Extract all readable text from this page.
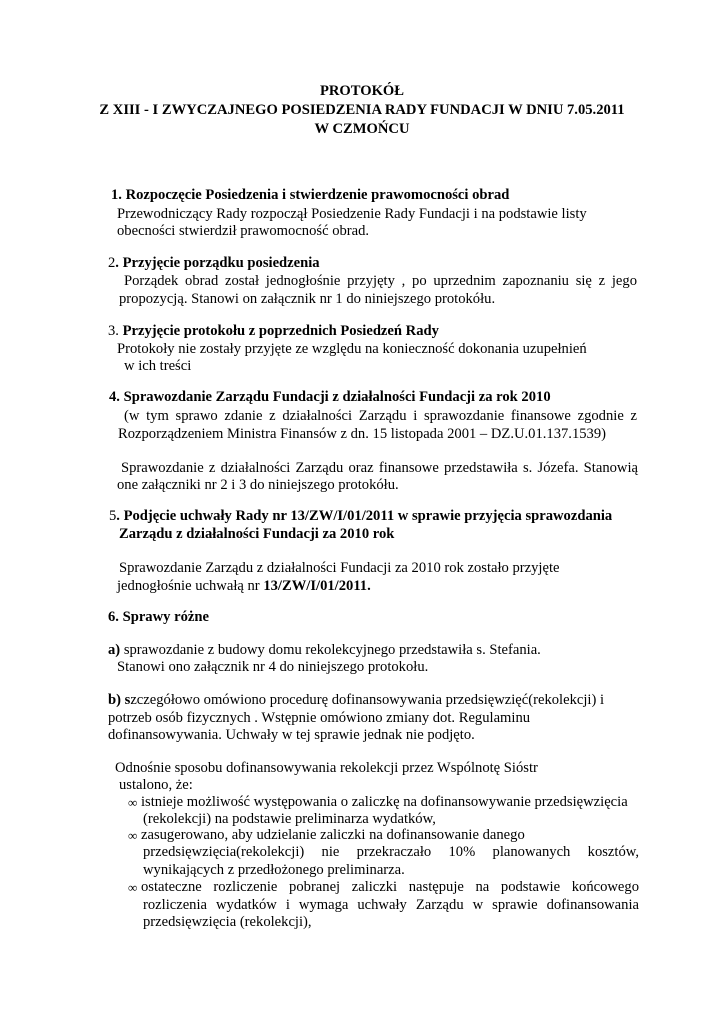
PROTOKÓŁ
Z XIII - I ZWYCZAJNEGO POSIEDZENIA RADY FUNDACJI W DNIU 7.05.2011
W CZMOŃCU
1. Rozpoczęcie Posiedzenia i stwierdzenie prawomocności obrad
Przewodniczący Rady rozpoczął Posiedzenie Rady Fundacji i na podstawie listy
obecności stwierdził prawomocność obrad.
2. Przyjęcie porządku posiedzenia
Porządek obrad został jednogłośnie przyjęty , po uprzednim zapoznaniu się z jego
propozycją. Stanowi on załącznik nr 1 do niniejszego protokółu.
3. Przyjęcie protokołu z poprzednich Posiedzeń Rady
Protokoły nie zostały przyjęte ze względu na konieczność dokonania uzupełnień
w ich treści
4. Sprawozdanie Zarządu Fundacji z działalności Fundacji za rok 2010
(w tym sprawo zdanie z działalności Zarządu i sprawozdanie finansowe zgodnie z
Rozporządzeniem Ministra Finansów z dn. 15 listopada 2001 – DZ.U.01.137.1539)
Sprawozdanie z działalności Zarządu oraz finansowe przedstawiła s. Józefa. Stanowią
one załączniki nr 2 i 3 do niniejszego protokółu.
5. Podjęcie uchwały Rady nr 13/ZW/I/01/2011 w sprawie przyjęcia sprawozdania
Zarządu z działalności Fundacji za 2010 rok
Sprawozdanie Zarządu z działalności Fundacji za 2010 rok zostało przyjęte
jednogłośnie uchwałą nr 13/ZW/I/01/2011.
6. Sprawy różne
a) sprawozdanie z budowy domu rekolekcyjnego przedstawiła s. Stefania.
Stanowi ono załącznik nr 4 do niniejszego protokołu.
b) szczegółowo omówiono procedurę dofinansowywania przedsięwzięć(rekolekcji) i
potrzeb osób fizycznych . Wstępnie omówiono zmiany dot. Regulaminu
dofinansowywania. Uchwały w tej sprawie jednak nie podjęto.
Odnośnie sposobu dofinansowywania rekolekcji przez Wspólnotę Sióstr
ustalono, że:
∞ istnieje możliwość występowania o zaliczkę na dofinansowywanie przedsięwzięcia
(rekolekcji) na podstawie preliminarza wydatków,
∞ zasugerowano, aby udzielanie zaliczki na dofinansowanie danego
przedsięwzięcia(rekolekcji) nie przekraczało 10% planowanych kosztów,
wynikających z przedłożonego preliminarza.
∞ ostateczne rozliczenie pobranej zaliczki następuje na podstawie końcowego
rozliczenia wydatków i wymaga uchwały Zarządu w sprawie dofinansowania
przedsięwzięcia (rekolekcji),
